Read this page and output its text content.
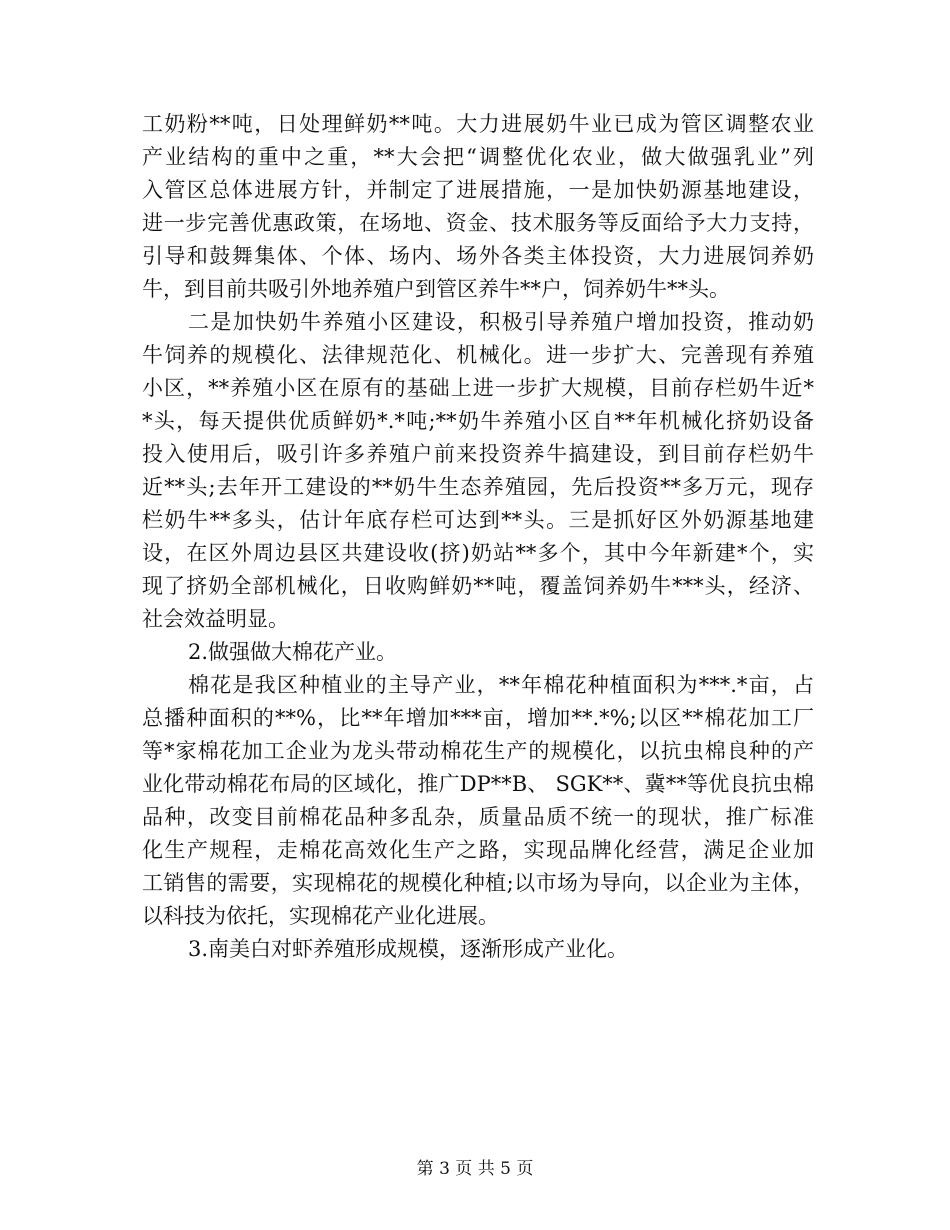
工奶粉**吨，日处理鲜奶**吨。大力进展奶牛业已成为管区调整农业

产业结构的重中之重，**大会把“调整优化农业，做大做强乳业”列

入管区总体进展方针，并制定了进展措施，一是加快奶源基地建设，

进一步完善优惠政策，在场地、资金、技术服务等反面给予大力支持，

引导和鼓舞集体、个体、场内、场外各类主体投资，大力进展饲养奶

牛，到目前共吸引外地养殖户到管区养牛**户，饲养奶牛**头。

二是加快奶牛养殖小区建设，积极引导养殖户增加投资，推动奶

牛饲养的规模化、法律规范化、机械化。进一步扩大、完善现有养殖

小区，**养殖小区在原有的基础上进一步扩大规模，目前存栏奶牛近*

*头，每天提供优质鲜奶*.*吨;**奶牛养殖小区自**年机械化挤奶设备

投入使用后，吸引许多养殖户前来投资养牛搞建设，到目前存栏奶牛

近**头;去年开工建设的**奶牛生态养殖园，先后投资**多万元，现存

栏奶牛**多头，估计年底存栏可达到**头。三是抓好区外奶源基地建

设，在区外周边县区共建设收(挤)奶站**多个，其中今年新建*个，实

现了挤奶全部机械化，日收购鲜奶**吨，覆盖饲养奶牛***头，经济、

社会效益明显。

2.做强做大棉花产业。

棉花是我区种植业的主导产业，**年棉花种植面积为***.*亩，占

总播种面积的**%，比**年增加***亩，增加**.*%;以区**棉花加工厂

等*家棉花加工企业为龙头带动棉花生产的规模化，以抗虫棉良种的产

业化带动棉花布局的区域化，推广DP**B、 SGK**、冀**等优良抗虫棉

品种，改变目前棉花品种多乱杂，质量品质不统一的现状，推广标准

化生产规程，走棉花高效化生产之路，实现品牌化经营，满足企业加

工销售的需要，实现棉花的规模化种植;以市场为导向，以企业为主体，

以科技为依托，实现棉花产业化进展。

3.南美白对虾养殖形成规模，逐渐形成产业化。

第 3 页 共 5 页
